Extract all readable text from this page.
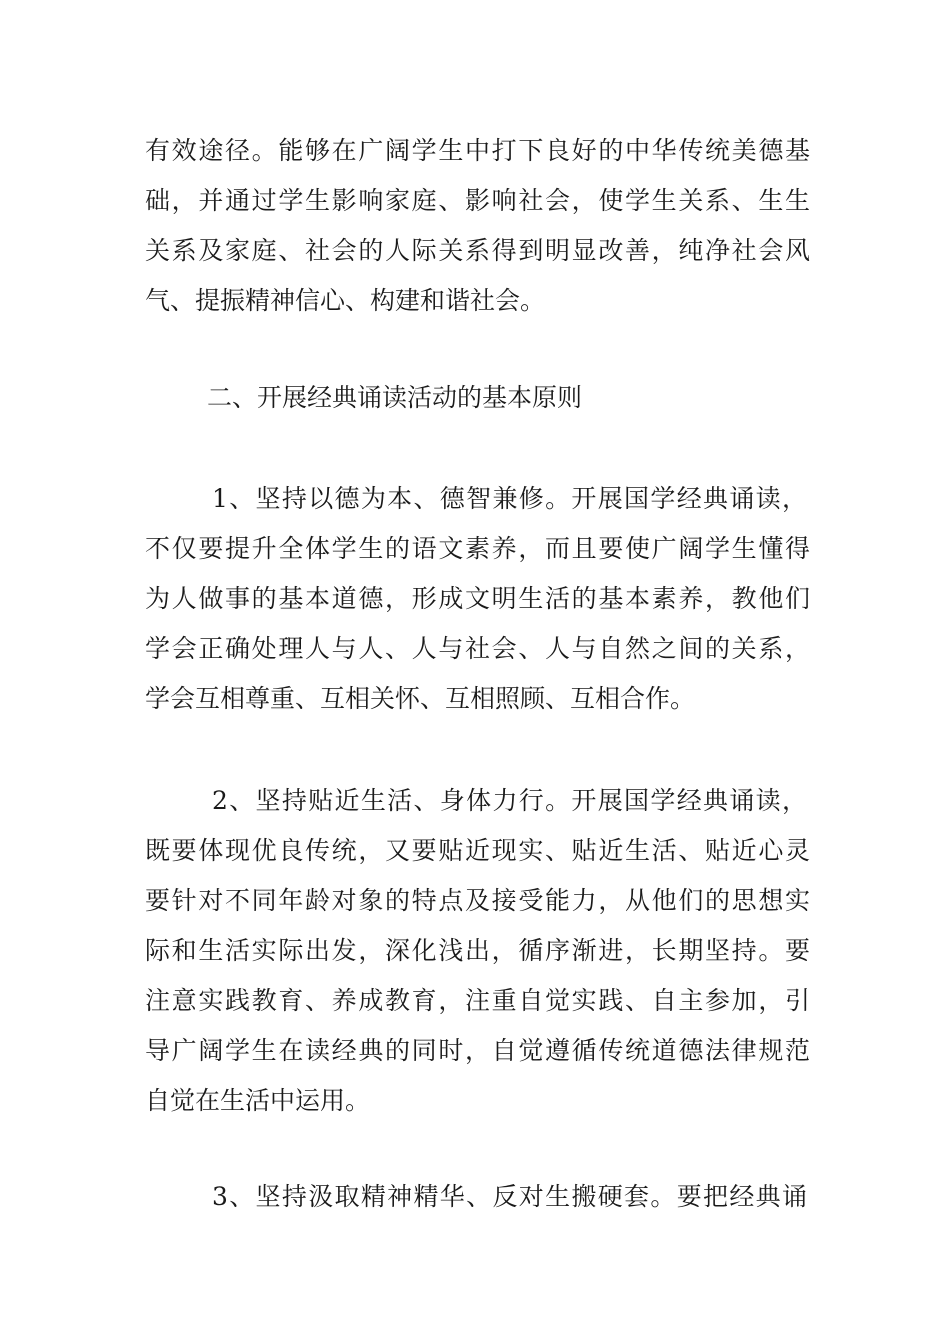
有效途径。能够在广阔学生中打下良好的中华传统美德基
础，并通过学生影响家庭、影响社会，使学生关系、生生
关系及家庭、社会的人际关系得到明显改善，纯净社会风
气、提振精神信心、构建和谐社会。
二、开展经典诵读活动的基本原则
1、坚持以德为本、德智兼修。开展国学经典诵读，
不仅要提升全体学生的语文素养，而且要使广阔学生懂得
为人做事的基本道德，形成文明生活的基本素养，教他们
学会正确处理人与人、人与社会、人与自然之间的关系，
学会互相尊重、互相关怀、互相照顾、互相合作。
2、坚持贴近生活、身体力行。开展国学经典诵读，
既要体现优良传统，又要贴近现实、贴近生活、贴近心灵
要针对不同年龄对象的特点及接受能力，从他们的思想实
际和生活实际出发，深化浅出，循序渐进，长期坚持。要
注意实践教育、养成教育，注重自觉实践、自主参加，引
导广阔学生在读经典的同时，自觉遵循传统道德法律规范
自觉在生活中运用。
3、坚持汲取精神精华、反对生搬硬套。要把经典诵
